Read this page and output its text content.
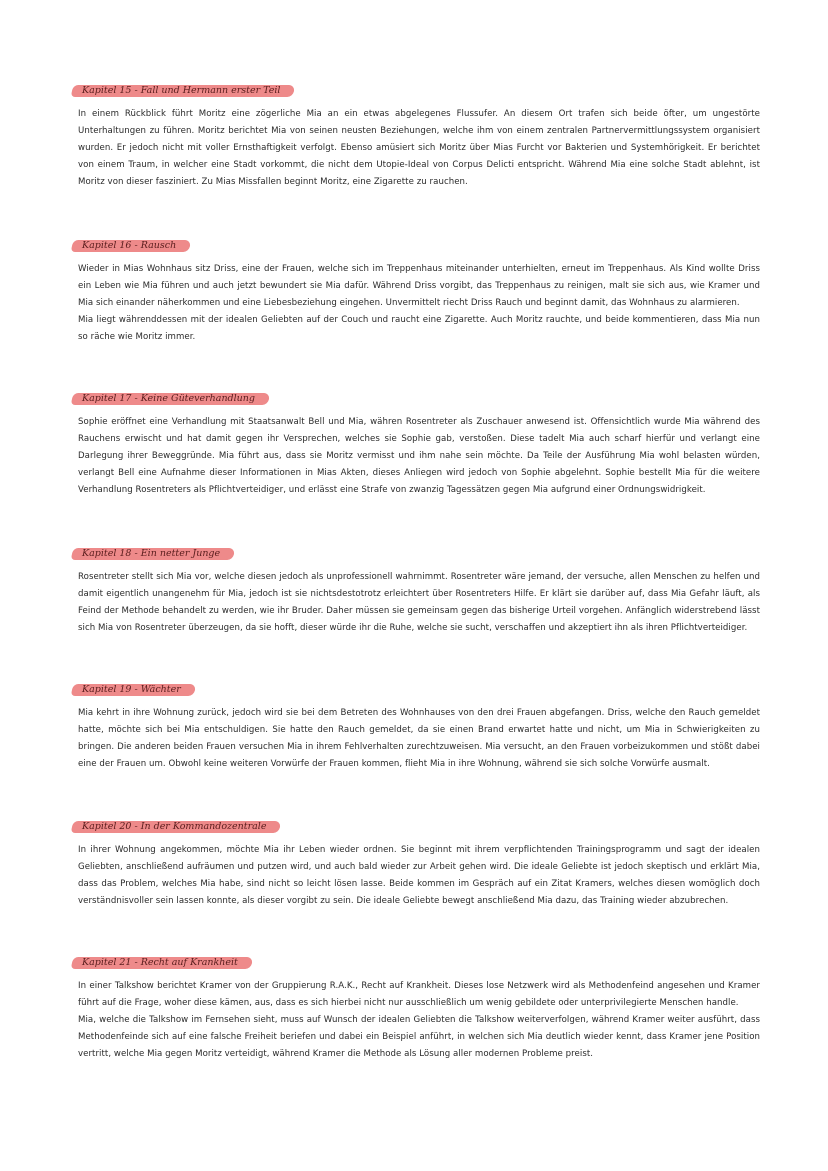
Kapitel 15 - Fall und Hermann erster Teil

In einem Rückblick führt Moritz eine zögerliche Mia an ein etwas abgelegenes Flussufer. An diesem Ort trafen sich beide öfter, um ungestörte Unterhaltungen zu führen. Moritz berichtet Mia von seinen neusten Beziehungen, welche ihm von einem zentralen Partnervermittlungssystem organisiert wurden. Er jedoch nicht mit voller Ernsthaftigkeit verfolgt. Ebenso amüsiert sich Moritz über Mias Furcht vor Bakterien und Systemhörigkeit. Er berichtet von einem Traum, in welcher eine Stadt vorkommt, die nicht dem Utopie-Ideal von Corpus Delicti entspricht. Während Mia eine solche Stadt ablehnt, ist Moritz von dieser fasziniert. Zu Mias Missfallen beginnt Moritz, eine Zigarette zu rauchen.

Kapitel 16 - Rausch

Wieder in Mias Wohnhaus sitz Driss, eine der Frauen, welche sich im Treppenhaus miteinander unterhielten, erneut im Treppenhaus. Als Kind wollte Driss ein Leben wie Mia führen und auch jetzt bewundert sie Mia dafür. Während Driss vorgibt, das Treppenhaus zu reinigen, malt sie sich aus, wie Kramer und Mia sich einander näherkommen und eine Liebesbeziehung eingehen. Unvermittelt riecht Driss Rauch und beginnt damit, das Wohnhaus zu alarmieren.

Mia liegt währenddessen mit der idealen Geliebten auf der Couch und raucht eine Zigarette. Auch Moritz rauchte, und beide kommentieren, dass Mia nun so räche wie Moritz immer.

Kapitel 17 - Keine Güteverhandlung

Sophie eröffnet eine Verhandlung mit Staatsanwalt Bell und Mia, währen Rosentreter als Zuschauer anwesend ist. Offensichtlich wurde Mia während des Rauchens erwischt und hat damit gegen ihr Versprechen, welches sie Sophie gab, verstoßen. Diese tadelt Mia auch scharf hierfür und verlangt eine Darlegung ihrer Beweggründe. Mia führt aus, dass sie Moritz vermisst und ihm nahe sein möchte. Da Teile der Ausführung Mia wohl belasten würden, verlangt Bell eine Aufnahme dieser Informationen in Mias Akten, dieses Anliegen wird jedoch von Sophie abgelehnt. Sophie bestellt Mia für die weitere Verhandlung Rosentreters als Pflichtverteidiger, und erlässt eine Strafe von zwanzig Tagessätzen gegen Mia aufgrund einer Ordnungswidrigkeit.

Kapitel 18 - Ein netter Junge

Rosentreter stellt sich Mia vor, welche diesen jedoch als unprofessionell wahrnimmt. Rosentreter wäre jemand, der versuche, allen Menschen zu helfen und damit eigentlich unangenehm für Mia, jedoch ist sie nichtsdestotrotz erleichtert über Rosentreters Hilfe. Er klärt sie darüber auf, dass Mia Gefahr läuft, als Feind der Methode behandelt zu werden, wie ihr Bruder. Daher müssen sie gemeinsam gegen das bisherige Urteil vorgehen. Anfänglich widerstrebend lässt sich Mia von Rosentreter überzeugen, da sie hofft, dieser würde ihr die Ruhe, welche sie sucht, verschaffen und akzeptiert ihn als ihren Pflichtverteidiger.

Kapitel 19 - Wächter

Mia kehrt in ihre Wohnung zurück, jedoch wird sie bei dem Betreten des Wohnhauses von den drei Frauen abgefangen. Driss, welche den Rauch gemeldet hatte, möchte sich bei Mia entschuldigen. Sie hatte den Rauch gemeldet, da sie einen Brand erwartet hatte und nicht, um Mia in Schwierigkeiten zu bringen. Die anderen beiden Frauen versuchen Mia in ihrem Fehlverhalten zurechtzuweisen. Mia versucht, an den Frauen vorbeizukommen und stößt dabei eine der Frauen um. Obwohl keine weiteren Vorwürfe der Frauen kommen, flieht Mia in ihre Wohnung, während sie sich solche Vorwürfe ausmalt.

Kapitel 20 - In der Kommandozentrale

In ihrer Wohnung angekommen, möchte Mia ihr Leben wieder ordnen. Sie beginnt mit ihrem verpflichtenden Trainingsprogramm und sagt der idealen Geliebten, anschließend aufräumen und putzen wird, und auch bald wieder zur Arbeit gehen wird. Die ideale Geliebte ist jedoch skeptisch und erklärt Mia, dass das Problem, welches Mia habe, sind nicht so leicht lösen lasse. Beide kommen im Gespräch auf ein Zitat Kramers, welches diesen womöglich doch verständnisvoller sein lassen konnte, als dieser vorgibt zu sein. Die ideale Geliebte bewegt anschließend Mia dazu, das Training wieder abzubrechen.

Kapitel 21 - Recht auf Krankheit

In einer Talkshow berichtet Kramer von der Gruppierung R.A.K., Recht auf Krankheit. Dieses lose Netzwerk wird als Methodenfeind angesehen und Kramer führt auf die Frage, woher diese kämen, aus, dass es sich hierbei nicht nur ausschließlich um wenig gebildete oder unterprivilegierte Menschen handle.

Mia, welche die Talkshow im Fernsehen sieht, muss auf Wunsch der idealen Geliebten die Talkshow weiterverfolgen, während Kramer weiter ausführt, dass Methodenfeinde sich auf eine falsche Freiheit berief​en und dabei ein Beispiel anführt, in welchen sich Mia deutlich wieder kennt, dass Kramer jene Position vertritt, welche Mia gegen Moritz verteidigt, während Kramer die Methode als Lösung aller modernen Probleme preist.
